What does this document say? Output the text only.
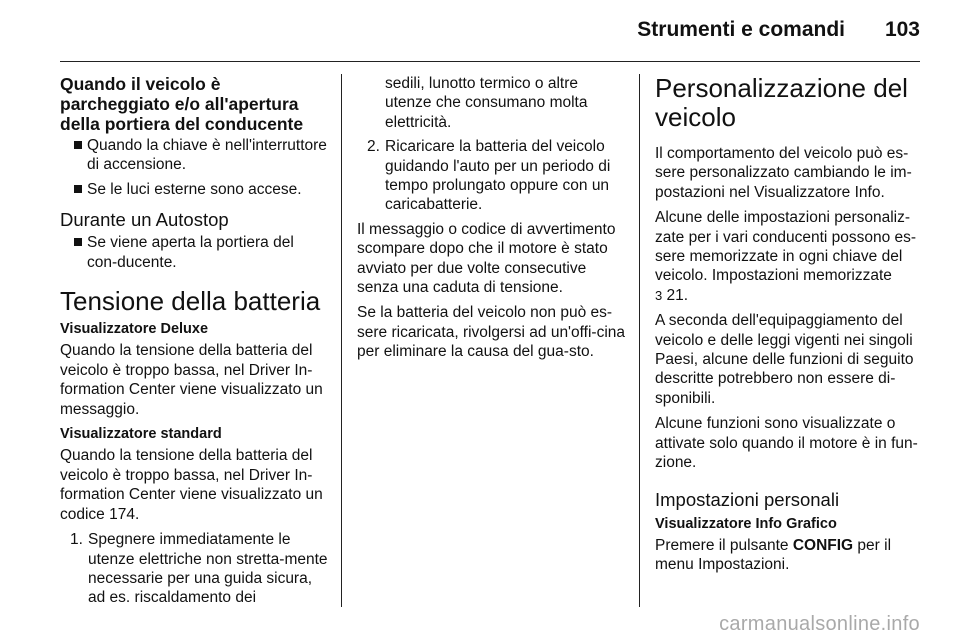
Strumenti e comandi 103
Quando il veicolo è parcheggiato e/o all'apertura della portiera del conducente
Quando la chiave è nell'interruttore di accensione.
Se le luci esterne sono accese.
Durante un Autostop
Se viene aperta la portiera del con-ducente.
Tensione della batteria
Visualizzatore Deluxe

Quando la tensione della batteria del veicolo è troppo bassa, nel Driver In-formation Center viene visualizzato un messaggio.

Visualizzatore standard

Quando la tensione della batteria del veicolo è troppo bassa, nel Driver In-formation Center viene visualizzato un codice 174.

1. Spegnere immediatamente le utenze elettriche non stretta-mente necessarie per una guida sicura, ad es. riscaldamento dei
sedili, lunotto termico o altre utenze che consumano molta elettricità.
2. Ricaricare la batteria del veicolo guidando l'auto per un periodo di tempo prolungato oppure con un caricabatterie.

Il messaggio o codice di avvertimento scompare dopo che il motore è stato avviato per due volte consecutive senza una caduta di tensione.

Se la batteria del veicolo non può es-sere ricaricata, rivolgersi ad un'offi-cina per eliminare la causa del gua-sto.

Personalizzazione del veicolo

Il comportamento del veicolo può es-sere personalizzato cambiando le im-postazioni nel Visualizzatore Info.

Alcune delle impostazioni personaliz-zate per i vari conducenti possono es-sere memorizzate in ogni chiave del veicolo. Impostazioni memorizzate
3 21.

A seconda dell'equipaggiamento del veicolo e delle leggi vigenti nei singoli Paesi, alcune delle funzioni di seguito descritte potrebbero non essere di-sponibili.

Alcune funzioni sono visualizzate o attivate solo quando il motore è in fun-zione.

Impostazioni personali
Visualizzatore Info Grafico

Premere il pulsante CONFIG per il menu Impostazioni.

carmanualsonline.info
